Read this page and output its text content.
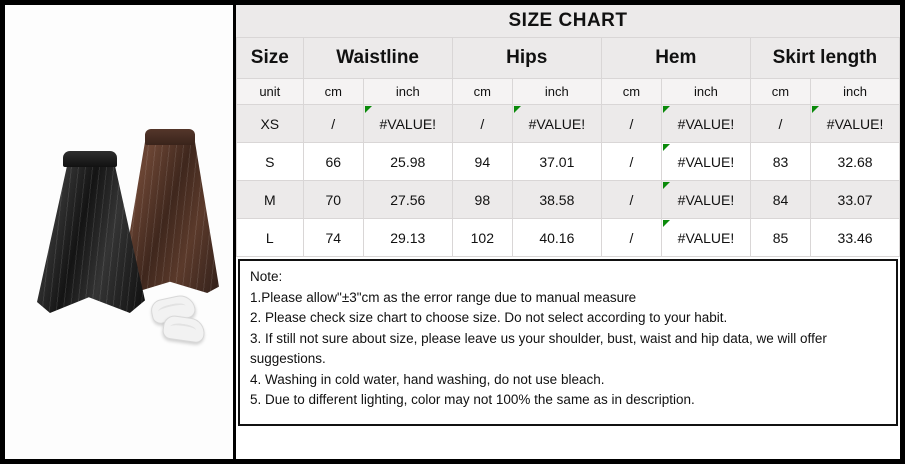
SIZE CHART
Size	Waistline		Hips		Hem		Skirt length	
unit	cm	inch	cm	inch	cm	inch	cm	inch
XS	/	#VALUE!	/	#VALUE!	/	#VALUE!	/	#VALUE!
S	66	25.98	94	37.01	/	#VALUE!	83	32.68
M	70	27.56	98	38.58	/	#VALUE!	84	33.07
L	74	29.13	102	40.16	/	#VALUE!	85	33.46
Note:
1.Please allow"±3"cm as the error range due to manual measure
2. Please check size chart to choose size. Do not select according to your habit.
3. If still not sure about size, please leave us your shoulder, bust, waist and hip data, we will offer suggestions.
4. Washing in cold water, hand washing, do not use bleach.
5. Due to different lighting, color may not 100% the same as in description.
